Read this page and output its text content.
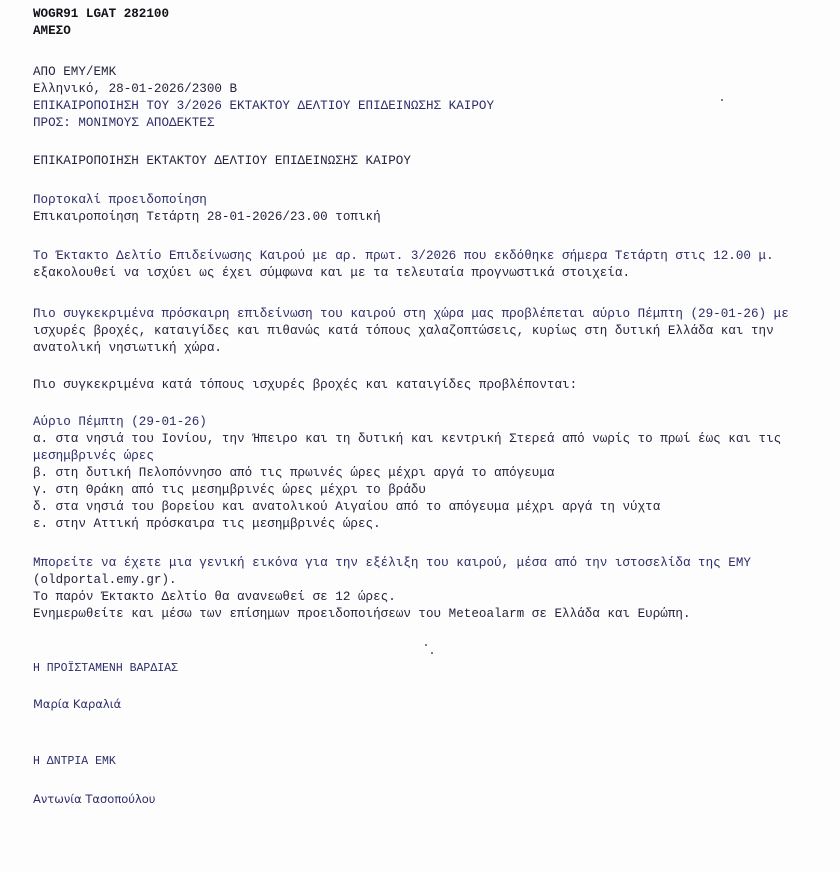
WOGR91 LGAT 282100
ΑΜΕΣΟ
ΑΠΟ ΕΜΥ/ΕΜΚ
Ελληνικό, 28-01-2026/2300 Β
ΕΠΙΚΑΙΡΟΠΟΙΗΣΗ ΤΟΥ 3/2026 ΕΚΤΑΚΤΟΥ ΔΕΛΤΙΟΥ ΕΠΙΔΕΙΝΩΣΗΣ ΚΑΙΡΟΥ
ΠΡΟΣ: ΜΟΝΙΜΟΥΣ ΑΠΟΔΕΚΤΕΣ
ΕΠΙΚΑΙΡΟΠΟΙΗΣΗ ΕΚΤΑΚΤΟΥ ΔΕΛΤΙΟΥ ΕΠΙΔΕΙΝΩΣΗΣ ΚΑΙΡΟΥ
Πορτοκαλί προειδοποίηση
Επικαιροποίηση Τετάρτη 28-01-2026/23.00 τοπική
Το Έκτακτο Δελτίο Επιδείνωσης Καιρού με αρ. πρωτ. 3/2026 που εκδόθηκε σήμερα Τετάρτη στις 12.00 μ.
εξακολουθεί να ισχύει ως έχει σύμφωνα και με τα τελευταία προγνωστικά στοιχεία.
Πιο συγκεκριμένα πρόσκαιρη επιδείνωση του καιρού στη χώρα μας προβλέπεται αύριο Πέμπτη (29-01-26) με
ισχυρές βροχές, καταιγίδες και πιθανώς κατά τόπους χαλαζοπτώσεις, κυρίως στη δυτική Ελλάδα και την
ανατολική νησιωτική χώρα.
Πιο συγκεκριμένα κατά τόπους ισχυρές βροχές και καταιγίδες προβλέπονται:
Αύριο Πέμπτη (29-01-26)
α. στα νησιά του Ιονίου, την Ήπειρο και τη δυτική και κεντρική Στερεά από νωρίς το πρωί έως και τις
μεσημβρινές ώρες
β. στη δυτική Πελοπόννησο από τις πρωινές ώρες μέχρι αργά το απόγευμα
γ. στη Θράκη από τις μεσημβρινές ώρες μέχρι το βράδυ
δ. στα νησιά του βορείου και ανατολικού Αιγαίου από το απόγευμα μέχρι αργά τη νύχτα
ε. στην Αττική πρόσκαιρα τις μεσημβρινές ώρες.
Μπορείτε να έχετε μια γενική εικόνα για την εξέλιξη του καιρού, μέσα από την ιστοσελίδα της ΕΜΥ
(oldportal.emy.gr).
Το παρόν Έκτακτο Δελτίο θα ανανεωθεί σε 12 ώρες.
Ενημερωθείτε και μέσω των επίσημων προειδοποιήσεων του Meteoalarm σε Ελλάδα και Ευρώπη.
Η ΠΡΟΪΣΤΑΜΕΝΗ ΒΑΡΔΙΑΣ
Μαρία Καραλιά
Η ΔΝΤΡΙΑ ΕΜΚ
Αντωνία Τασοπούλου
